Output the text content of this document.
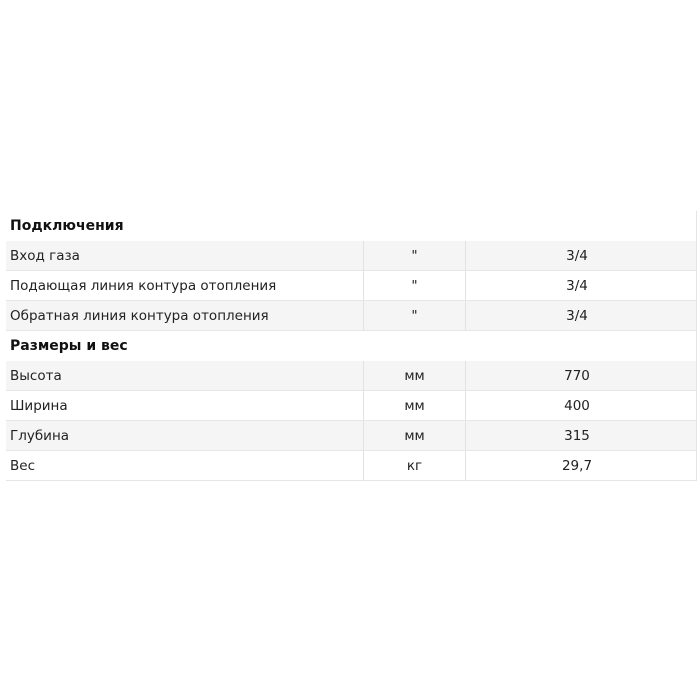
Подключения
Вход газа	"	3/4
Подающая линия контура отопления	"	3/4
Обратная линия контура отопления	"	3/4
Размеры и вес
Высота	мм	770
Ширина	мм	400
Глубина	мм	315
Вес	кг	29,7
